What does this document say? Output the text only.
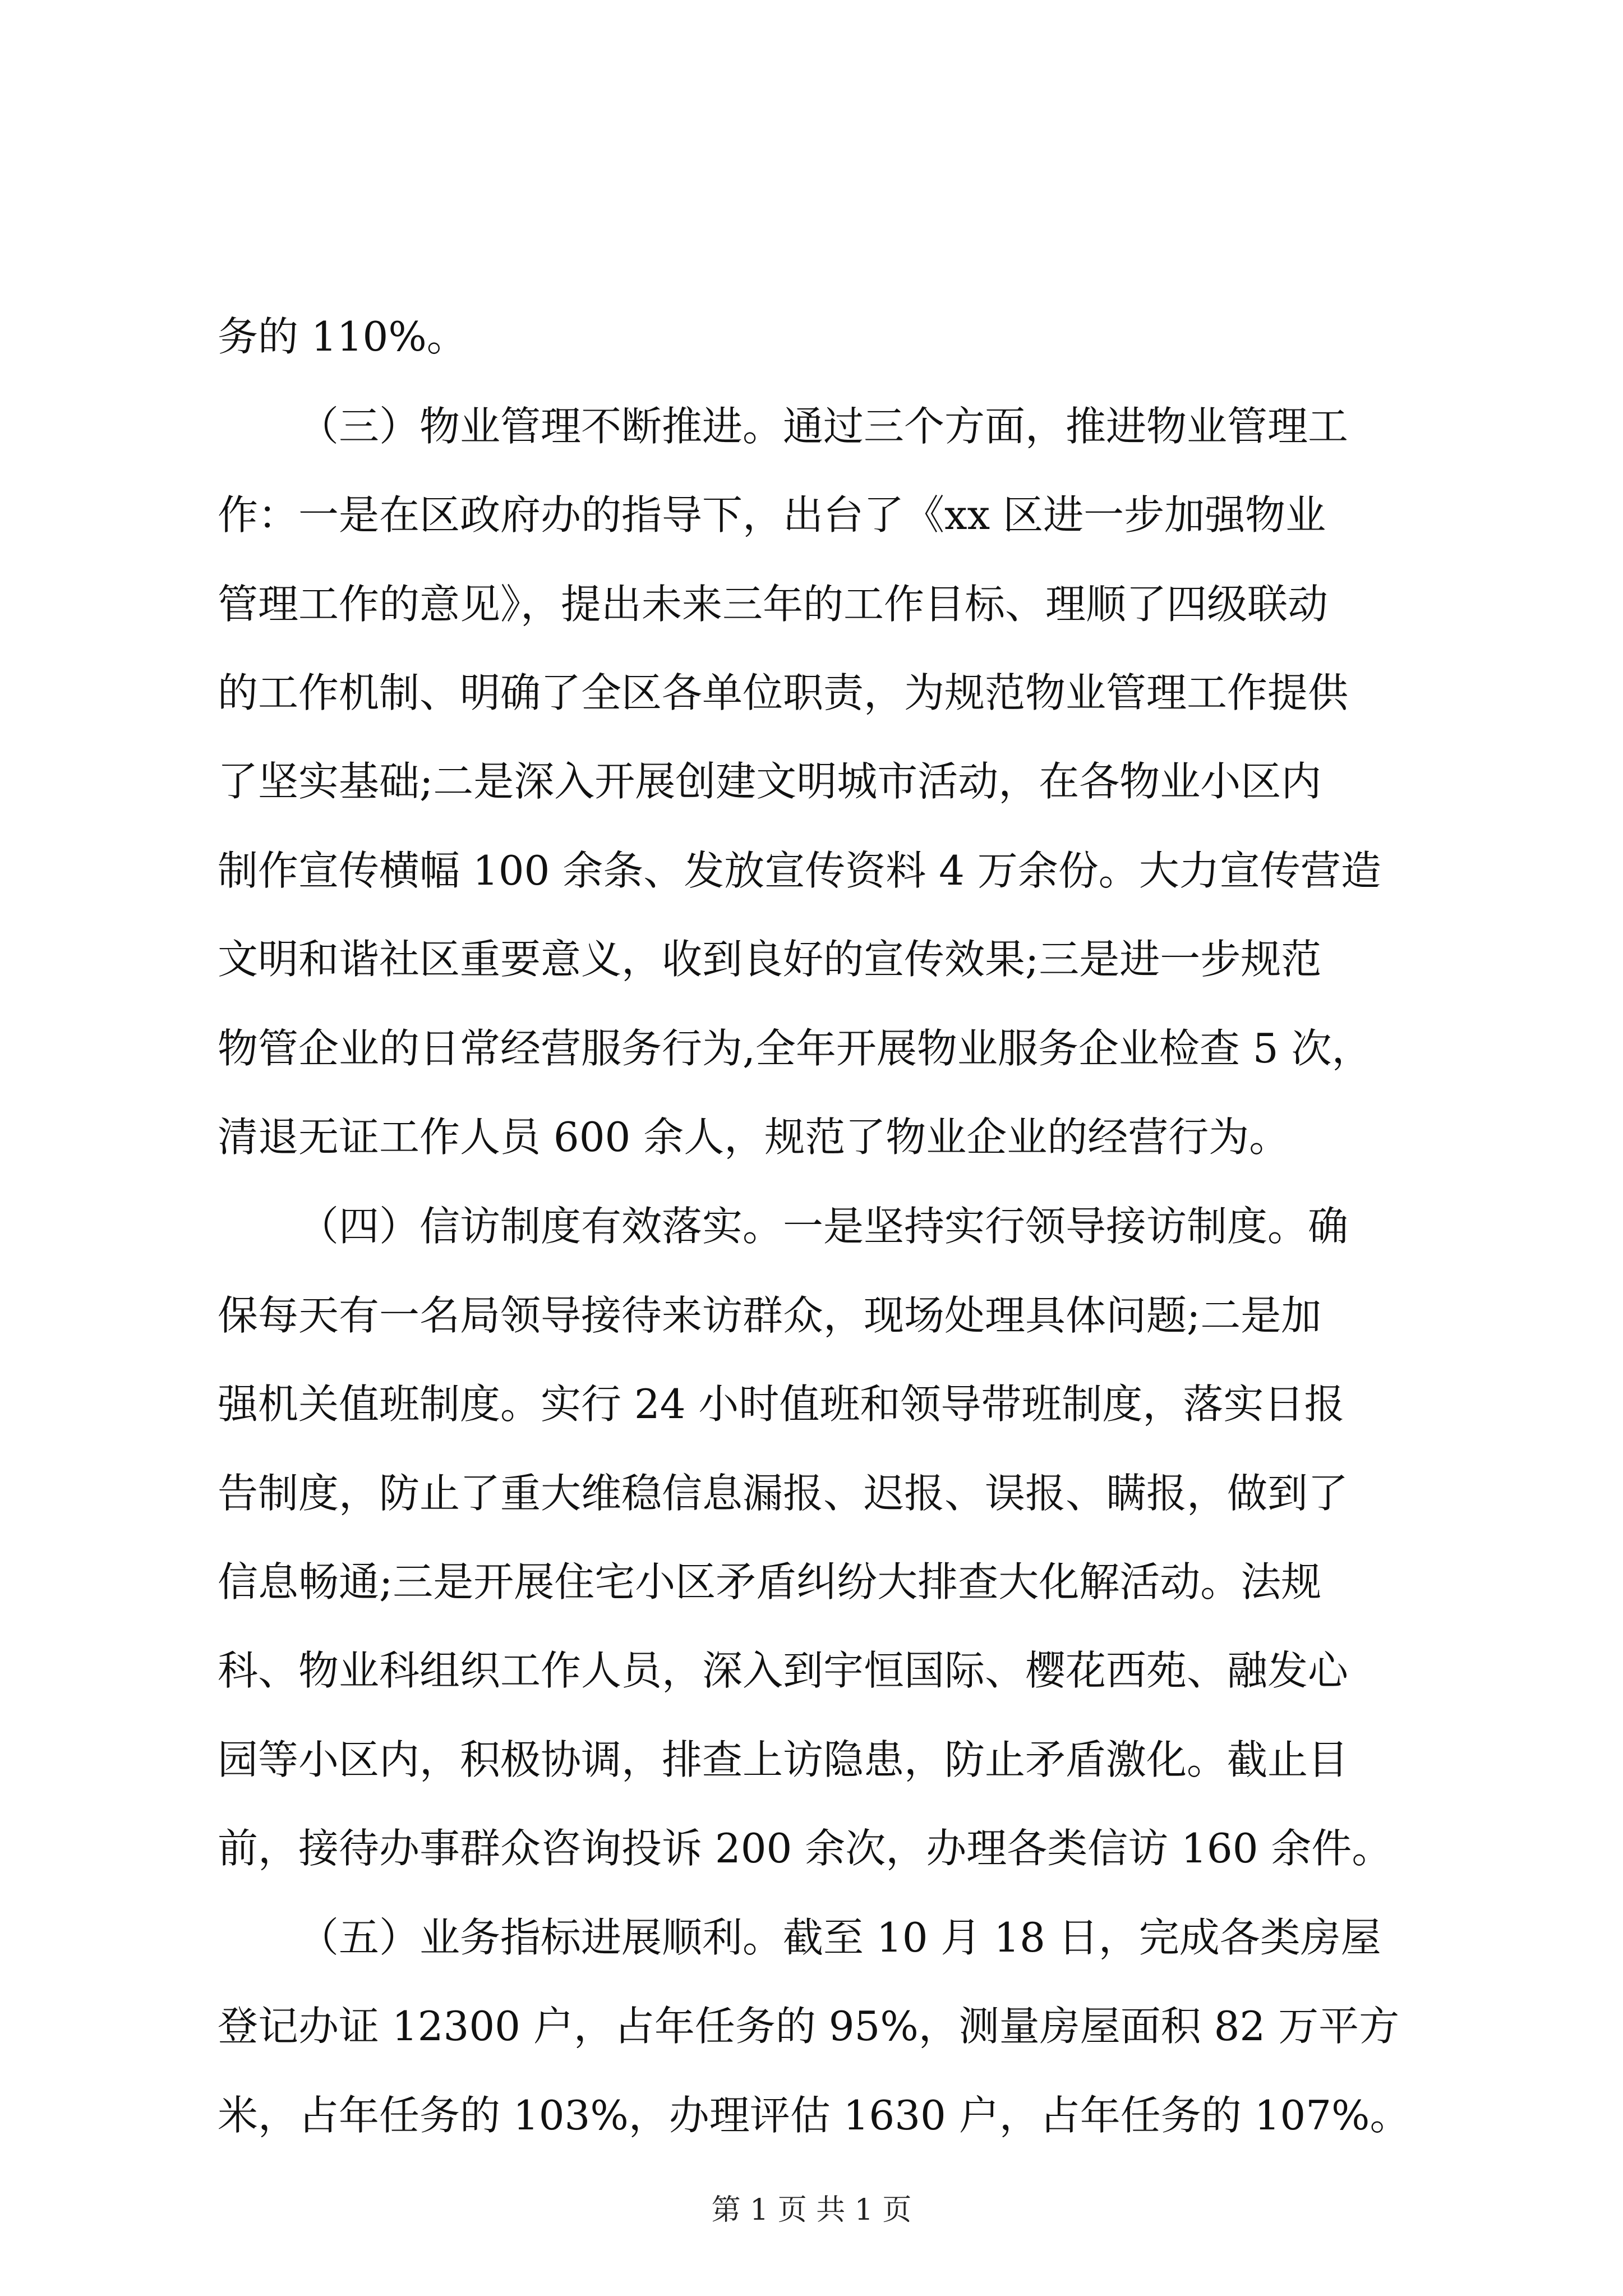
务的 110%。
（三）物业管理不断推进。通过三个方面，推进物业管理工
作：一是在区政府办的指导下，出台了《xx 区进一步加强物业
管理工作的意见》，提出未来三年的工作目标、理顺了四级联动
的工作机制、明确了全区各单位职责，为规范物业管理工作提供
了坚实基础;二是深入开展创建文明城市活动，在各物业小区内
制作宣传横幅 100 余条、发放宣传资料 4 万余份。大力宣传营造
文明和谐社区重要意义，收到良好的宣传效果;三是进一步规范
物管企业的日常经营服务行为,全年开展物业服务企业检查 5 次，
清退无证工作人员 600 余人，规范了物业企业的经营行为。
（四）信访制度有效落实。一是坚持实行领导接访制度。确
保每天有一名局领导接待来访群众，现场处理具体问题;二是加
强机关值班制度。实行 24 小时值班和领导带班制度，落实日报
告制度，防止了重大维稳信息漏报、迟报、误报、瞒报，做到了
信息畅通;三是开展住宅小区矛盾纠纷大排查大化解活动。法规
科、物业科组织工作人员，深入到宇恒国际、樱花西苑、融发心
园等小区内，积极协调，排查上访隐患，防止矛盾激化。截止目
前，接待办事群众咨询投诉 200 余次，办理各类信访 160 余件。
（五）业务指标进展顺利。截至 10 月 18 日，完成各类房屋
登记办证 12300 户，占年任务的 95%，测量房屋面积 82 万平方
米，占年任务的 103%，办理评估 1630 户，占年任务的 107%。
第 1 页 共 1 页
